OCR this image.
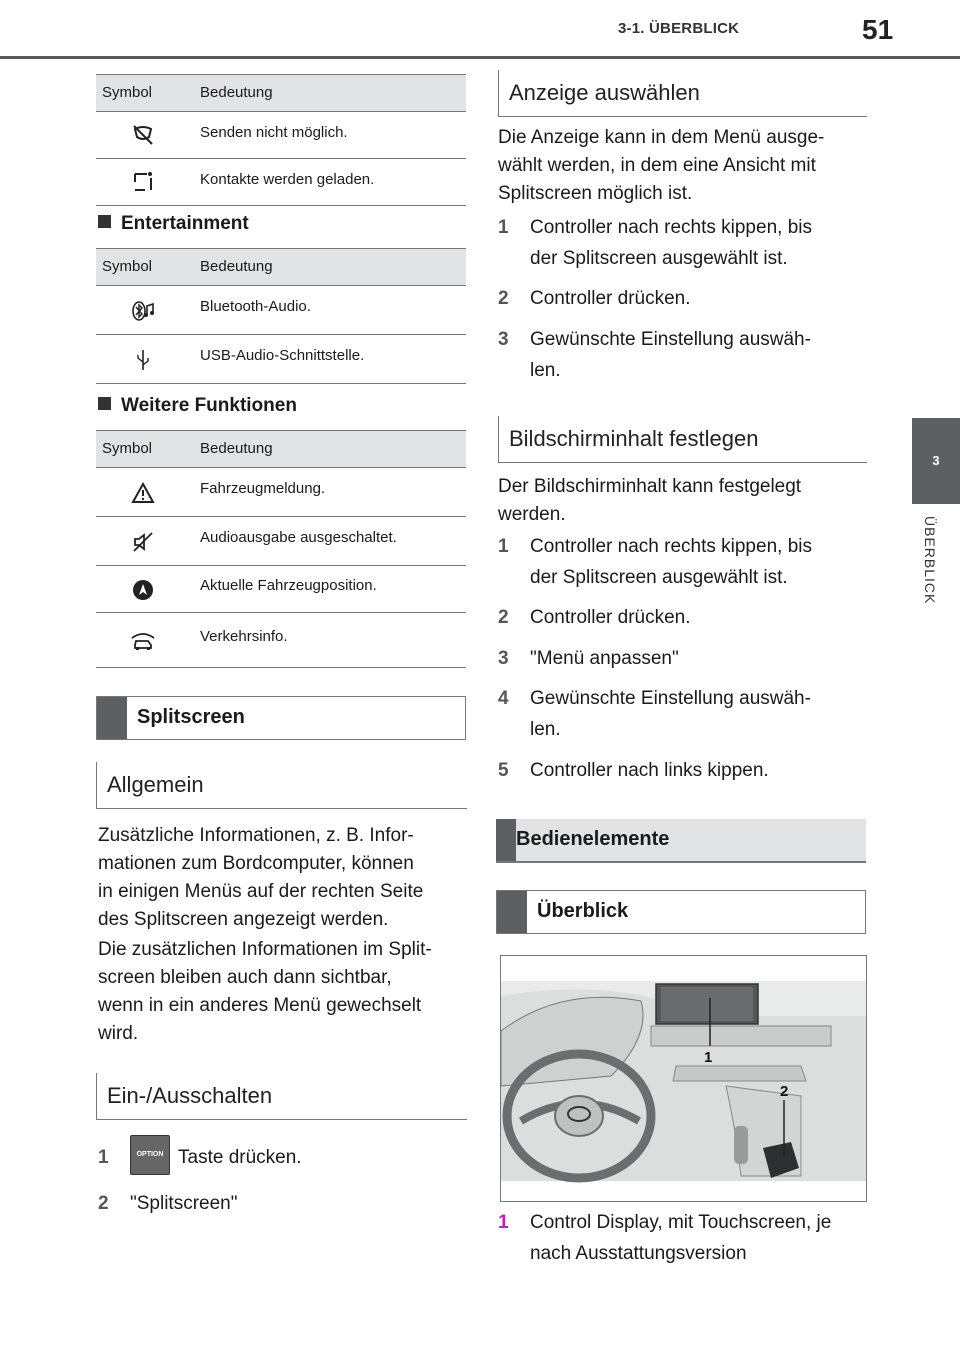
3-1. ÜBERBLICK	51
3
ÜBERBLICK
Symbol	Bedeutung
Senden nicht möglich.
Kontakte werden geladen.
Entertainment
Symbol	Bedeutung
Bluetooth-Audio.
USB-Audio-Schnittstelle.
Weitere Funktionen
Symbol	Bedeutung
Fahrzeugmeldung.
Audioausgabe ausgeschaltet.
Aktuelle Fahrzeugposition.
Verkehrsinfo.
Splitscreen
Allgemein
Zusätzliche Informationen, z. B. Infor-
mationen zum Bordcomputer, können
in einigen Menüs auf der rechten Seite
des Splitscreen angezeigt werden.
Die zusätzlichen Informationen im Split-
screen bleiben auch dann sichtbar,
wenn in ein anderes Menü gewechselt
wird.
Ein-/Ausschalten
1	OPTION Taste drücken.
2 "Splitscreen"
Anzeige auswählen
Die Anzeige kann in dem Menü ausge-
wählt werden, in dem eine Ansicht mit
Splitscreen möglich ist.
1 Controller nach rechts kippen, bis
der Splitscreen ausgewählt ist.
2 Controller drücken.
3 Gewünschte Einstellung auswäh-
len.
Bildschirminhalt festlegen
Der Bildschirminhalt kann festgelegt
werden.
1 Controller nach rechts kippen, bis
der Splitscreen ausgewählt ist.
2 Controller drücken.
3 "Menü anpassen"
4 Gewünschte Einstellung auswäh-
len.
5 Controller nach links kippen.
Bedienelemente
Überblick
1
2
1 Control Display, mit Touchscreen, je
nach Ausstattungsversion
